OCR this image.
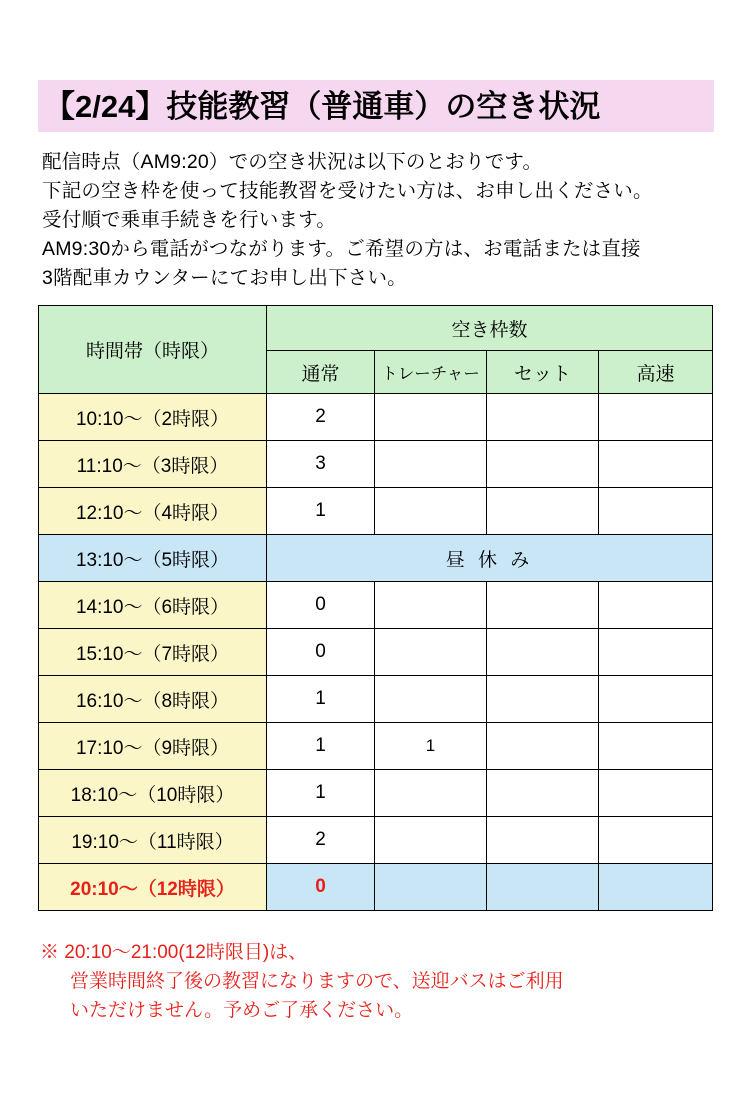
【2/24】技能教習（普通車）の空き状況
配信時点（AM9:20）での空き状況は以下のとおりです。
下記の空き枠を使って技能教習を受けたい方は、お申し出ください。
受付順で乗車手続きを行います。
AM9:30から電話がつながります。ご希望の方は、お電話または直接
3階配車カウンターにてお申し出下さい。
時間帯（時限）	空き枠数			
	通常	トレーチャー	セット	高速
10:10〜（2時限）	2			
11:10〜（3時限）	3			
12:10〜（4時限）	1			
13:10〜（5時限）	昼 休 み			
14:10〜（6時限）	0			
15:10〜（7時限）	0			
16:10〜（8時限）	1			
17:10〜（9時限）	1	1		
18:10〜（10時限）	1			
19:10〜（11時限）	2			
20:10〜（12時限）	0			
※ 20:10〜21:00(12時限目)は、
営業時間終了後の教習になりますので、送迎バスはご利用
いただけません。予めご了承ください。
